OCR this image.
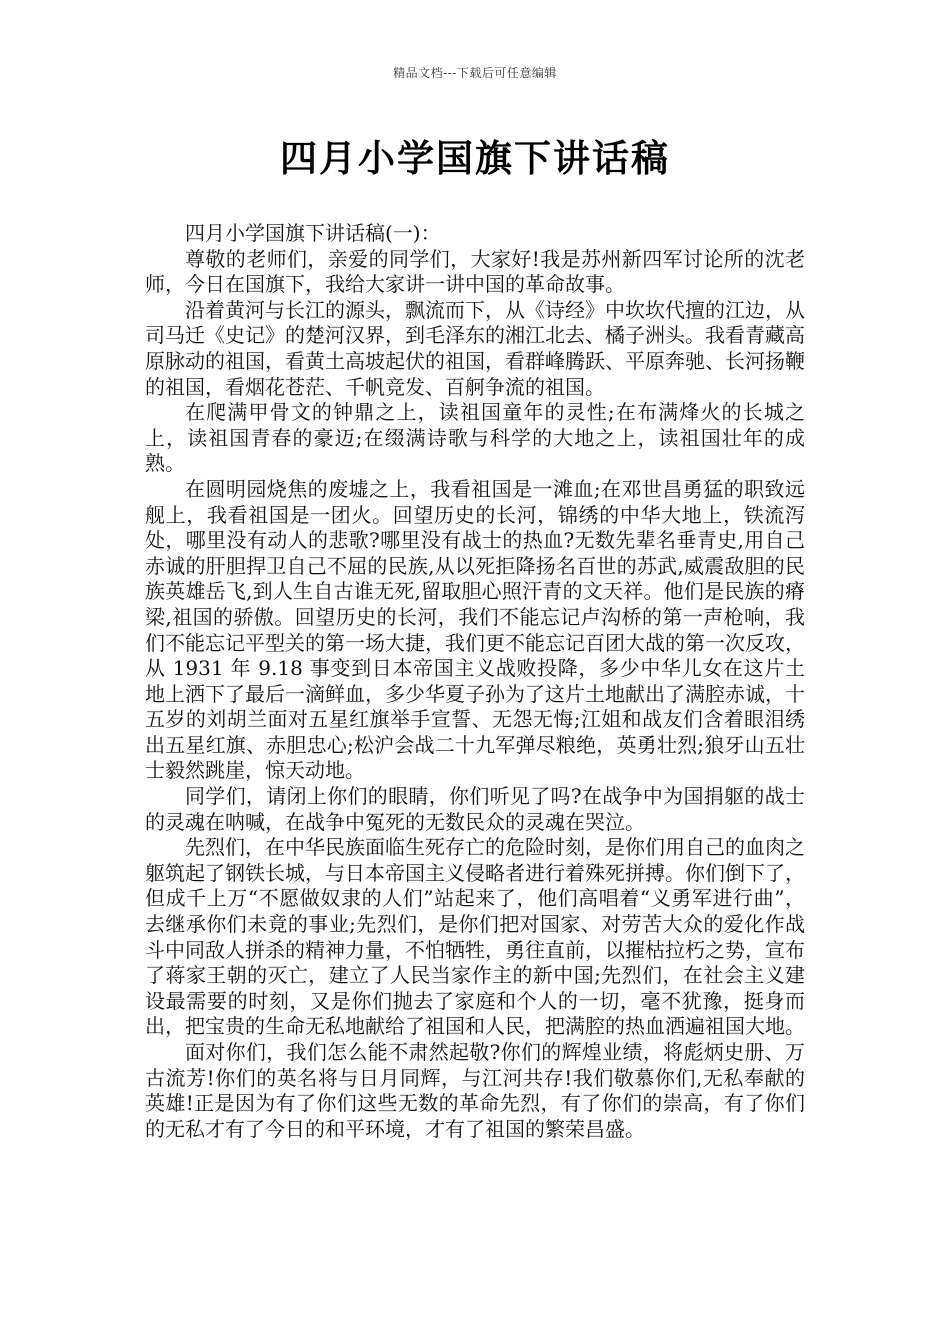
精品文档---下载后可任意编辑
四月小学国旗下讲话稿

四月小学国旗下讲话稿(一)：

尊敬的老师们，亲爱的同学们，大家好!我是苏州新四军讨论所的沈老师，今日在国旗下，我给大家讲一讲中国的革命故事。

沿着黄河与长江的源头，飘流而下，从《诗经》中坎坎代擅的江边，从司马迁《史记》的楚河汉界，到毛泽东的湘江北去、橘子洲头。我看青藏高原脉动的祖国，看黄土高坡起伏的祖国，看群峰腾跃、平原奔驰、长河扬鞭的祖国，看烟花苍茫、千帆竞发、百舸争流的祖国。

在爬满甲骨文的钟鼎之上，读祖国童年的灵性;在布满烽火的长城之上，读祖国青春的豪迈;在缀满诗歌与科学的大地之上，读祖国壮年的成熟。

在圆明园烧焦的废墟之上，我看祖国是一滩血;在邓世昌勇猛的职致远舰上，我看祖国是一团火。回望历史的长河，锦绣的中华大地上，铁流泻处，哪里没有动人的悲歌?哪里没有战士的热血?无数先辈名垂青史,用自己赤诚的肝胆捍卫自己不屈的民族,从以死拒降扬名百世的苏武,威震敌胆的民族英雄岳飞,到人生自古谁无死,留取胆心照汗青的文天祥。他们是民族的瘠梁,祖国的骄傲。回望历史的长河，我们不能忘记卢沟桥的第一声枪响，我们不能忘记平型关的第一场大捷，我们更不能忘记百团大战的第一次反攻，从 1931 年 9.18 事变到日本帝国主义战败投降，多少中华儿女在这片土地上洒下了最后一滴鲜血，多少华夏子孙为了这片土地献出了满腔赤诚，十五岁的刘胡兰面对五星红旗举手宣誓、无怨无悔;江姐和战友们含着眼泪绣出五星红旗、赤胆忠心;松沪会战二十九军弹尽粮绝，英勇壮烈;狼牙山五壮士毅然跳崖，惊天动地。

同学们，请闭上你们的眼睛，你们听见了吗?在战争中为国捐躯的战士的灵魂在呐喊，在战争中冤死的无数民众的灵魂在哭泣。

先烈们，在中华民族面临生死存亡的危险时刻，是你们用自己的血肉之躯筑起了钢铁长城，与日本帝国主义侵略者进行着殊死拼搏。你们倒下了，但成千上万“不愿做奴隶的人们”站起来了，他们高唱着“义勇军进行曲”，去继承你们未竟的事业;先烈们，是你们把对国家、对劳苦大众的爱化作战斗中同敌人拼杀的精神力量，不怕牺牲，勇往直前，以摧枯拉朽之势，宣布了蒋家王朝的灭亡，建立了人民当家作主的新中国;先烈们，在社会主义建设最需要的时刻，又是你们抛去了家庭和个人的一切，毫不犹豫，挺身而出，把宝贵的生命无私地献给了祖国和人民，把满腔的热血洒遍祖国大地。

面对你们，我们怎么能不肃然起敬?你们的辉煌业绩，将彪炳史册、万古流芳!你们的英名将与日月同辉，与江河共存!我们敬慕你们,无私奉献的英雄!正是因为有了你们这些无数的革命先烈，有了你们的崇高，有了你们的无私才有了今日的和平环境，才有了祖国的繁荣昌盛。
